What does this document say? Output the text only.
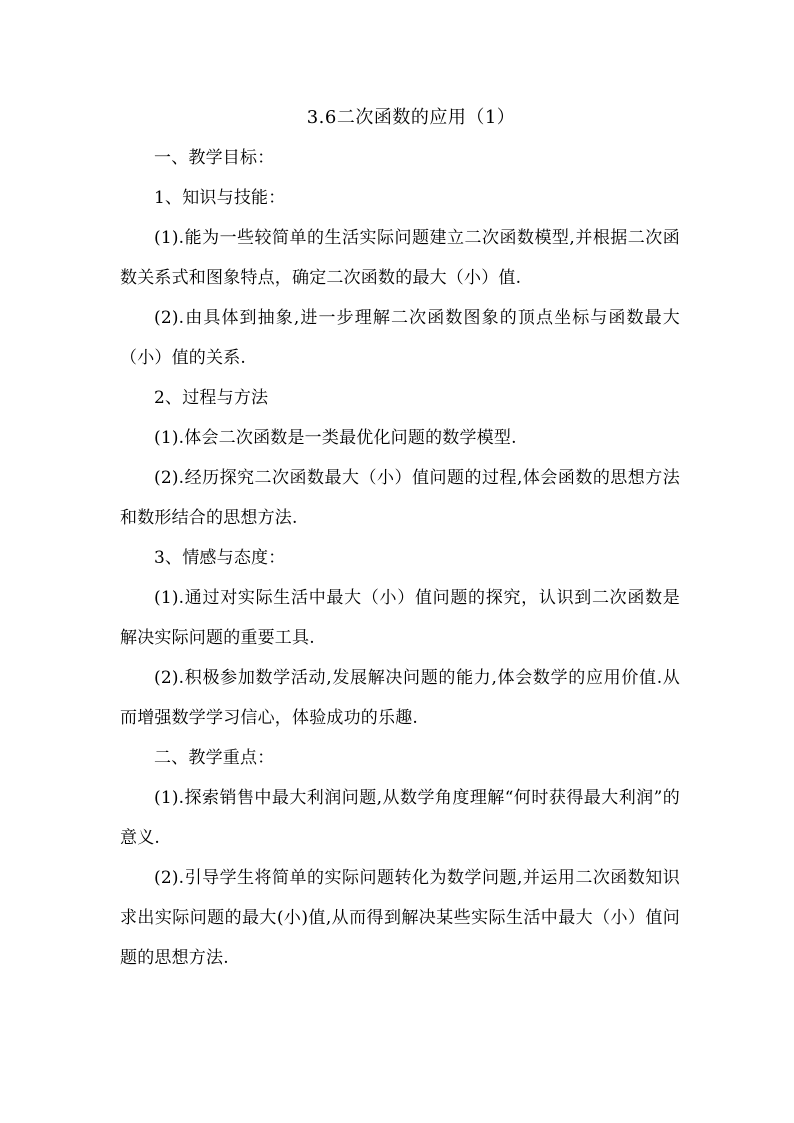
3.6二次函数的应用（1）
一、教学目标：
1、知识与技能：
(1).能为一些较简单的生活实际问题建立二次函数模型,并根据二次函数关系式和图象特点，确定二次函数的最大（小）值.
(2).由具体到抽象,进一步理解二次函数图象的顶点坐标与函数最大（小）值的关系.
2、过程与方法
(1).体会二次函数是一类最优化问题的数学模型.
(2).经历探究二次函数最大（小）值问题的过程,体会函数的思想方法和数形结合的思想方法.
3、情感与态度：
(1).通过对实际生活中最大（小）值问题的探究，认识到二次函数是解决实际问题的重要工具.
(2).积极参加数学活动,发展解决问题的能力,体会数学的应用价值.从而增强数学学习信心，体验成功的乐趣.
二、教学重点：
(1).探索销售中最大利润问题,从数学角度理解“何时获得最大利润”的意义.
(2).引导学生将简单的实际问题转化为数学问题,并运用二次函数知识求出实际问题的最大(小)值,从而得到解决某些实际生活中最大（小）值问题的思想方法.
